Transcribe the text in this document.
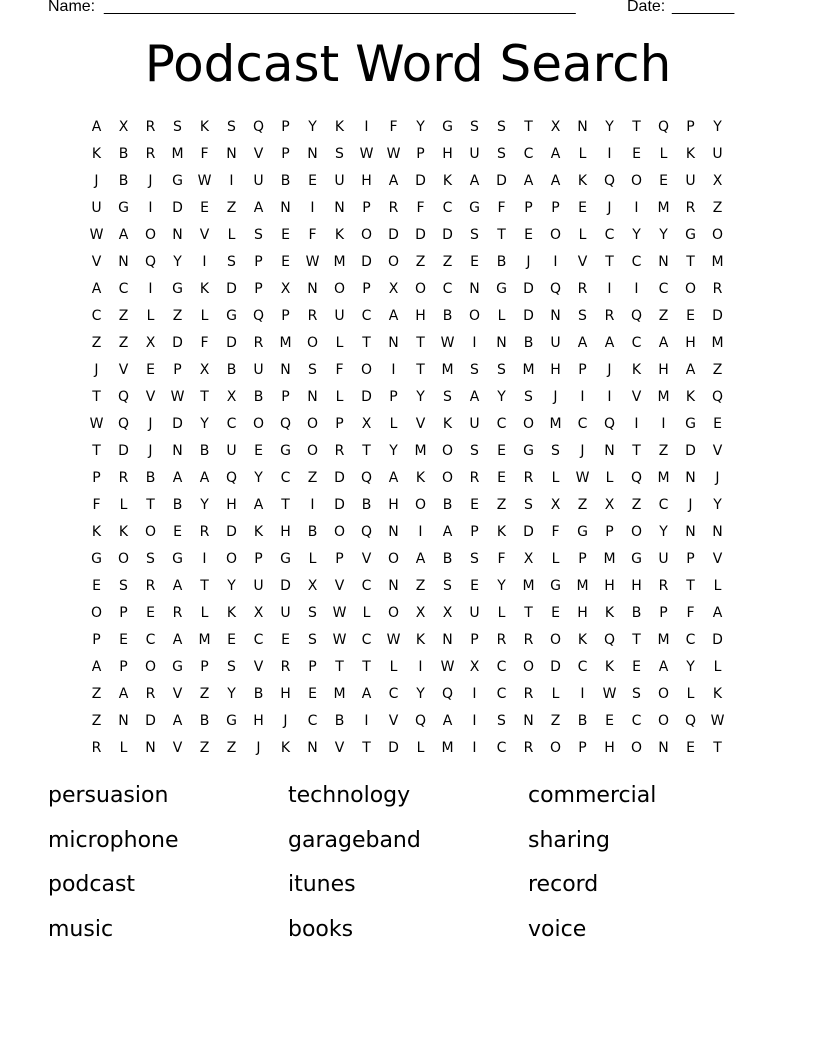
Name: _____________________________________________________	Date: _______
Podcast Word Search
A	X	R	S	K	S	Q	P	Y	K	I	F	Y	G	S	S	T	X	N	Y	T	Q	P	Y
K	B	R	M	F	N	V	P	N	S	W W	P	H	U	S	C	A	L	I	E	L	K	U
J	B	J	G	W	I	U	B	E	U	H	A	D	K	A	D	A	A	K	Q	O	E	U	X
U	G	I	D	E	Z	A	N	I	N	P	R	F	C	G	F	P	P	E	J	I	M	R	Z
W	A	O	N	V	L	S	E	F	K	O	D	D	D	S	T	E	O	L	C	Y	Y	G	O
V	N	Q	Y	I	S	P	E	W	M	D	O	Z	Z	E	B	J	I	V	T	C	N	T	M
A	C	I	G	K	D	P	X	N	O	P	X	O	C	N	G	D	Q	R	I	I	C	O	R
C	Z	L	Z	L	G	Q	P	R	U	C	A	H	B	O	L	D	N	S	R	Q	Z	E	D
Z	Z	X	D	F	D	R	M	O	L	T	N	T	W	I	N	B	U	A	A	C	A	H	M
J	V	E	P	X	B	U	N	S	F	O	I	T	M	S	S	M	H	P	J	K	H	A	Z
T	Q	V	W	T	X	B	P	N	L	D	P	Y	S	A	Y	S	J	I	I	V	M	K	Q
W	Q	J	D	Y	C	O	Q	O	P	X	L	V	K	U	C	O	M	C	Q	I	I	G	E
T	D	J	N	B	U	E	G	O	R	T	Y	M	O	S	E	G	S	J	N	T	Z	D	V
P	R	B	A	A	Q	Y	C	Z	D	Q	A	K	O	R	E	R	L	W	L	Q	M	N	J
F	L	T	B	Y	H	A	T	I	D	B	H	O	B	E	Z	S	X	Z	X	Z	C	J	Y
K	K	O	E	R	D	K	H	B	O	Q	N	I	A	P	K	D	F	G	P	O	Y	N	N
G	O	S	G	I	O	P	G	L	P	V	O	A	B	S	F	X	L	P	M	G	U	P	V
E	S	R	A	T	Y	U	D	X	V	C	N	Z	S	E	Y	M	G	M	H	H	R	T	L
O	P	E	R	L	K	X	U	S	W	L	O	X	X	U	L	T	E	H	K	B	P	F	A
P	E	C	A	M	E	C	E	S	W	C	W	K	N	P	R	R	O	K	Q	T	M	C	D
A	P	O	G	P	S	V	R	P	T	T	L	I	W	X	C	O	D	C	K	E	A	Y	L
Z	A	R	V	Z	Y	B	H	E	M	A	C	Y	Q	I	C	R	L	I	W	S	O	L	K
Z	N	D	A	B	G	H	J	C	B	I	V	Q	A	I	S	N	Z	B	E	C	O	Q	W
R	L	N	V	Z	Z	J	K	N	V	T	D	L	M	I	C	R	O	P	H	O	N	E	T
persuasion	technology	commercial
microphone	garageband	sharing
podcast	itunes	record
music	books	voice
